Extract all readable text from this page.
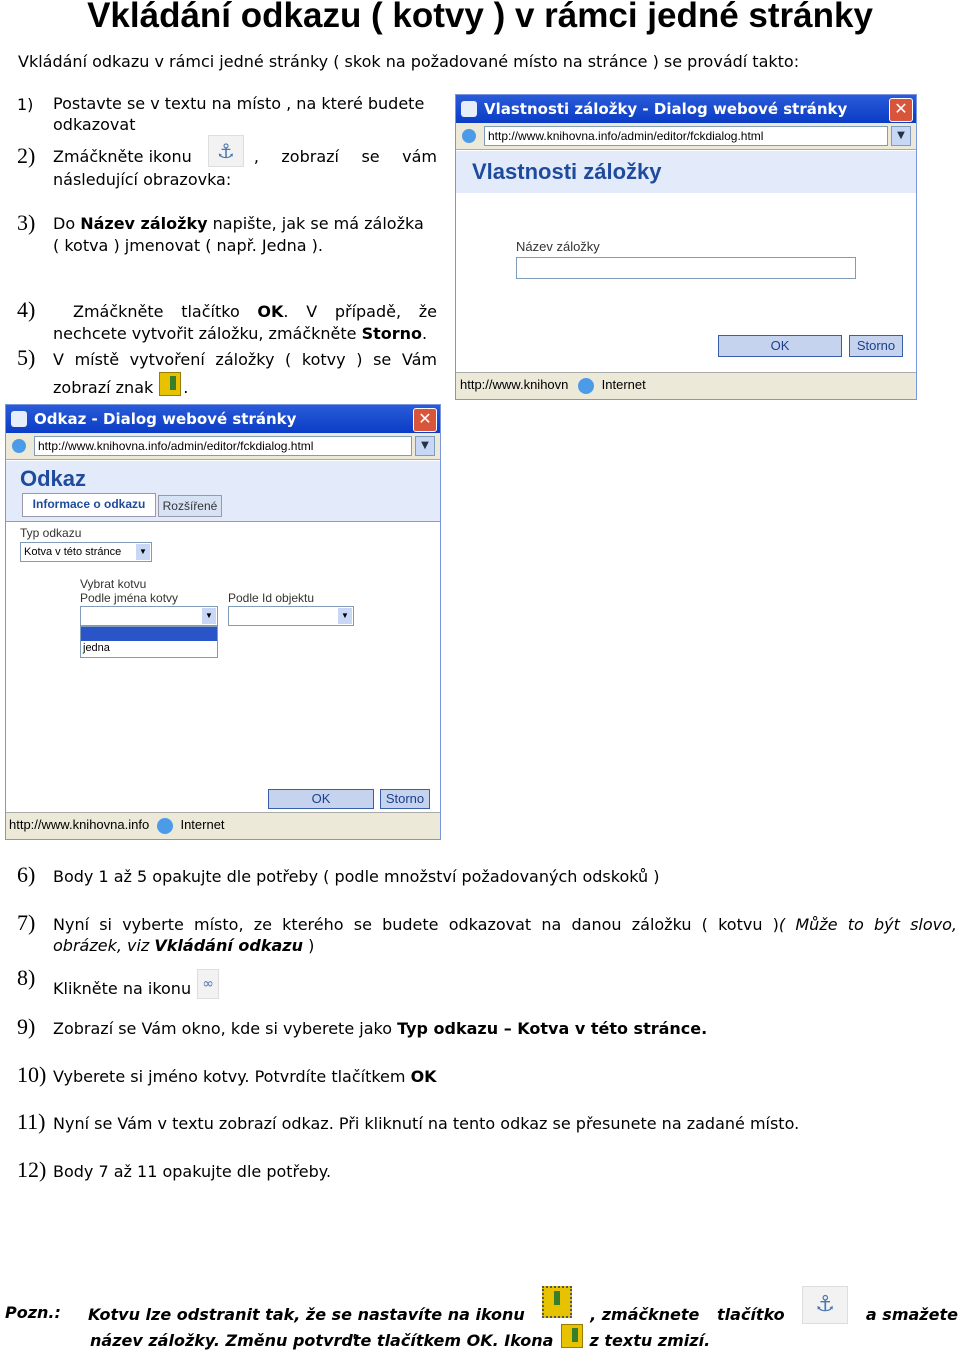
Vkládání odkazu ( kotvy ) v rámci jedné stránky
Vkládání odkazu v rámci jedné stránky ( skok na požadované místo na stránce ) se provádí takto:
1) Postavte se v textu na místo , na které budete odkazovat
2) Zmáčkněte ikonu	⚓	, zobrazí se vám
následující obrazovka:
3) Do Název záložky napište, jak se má záložka
( kotva ) jmenovat ( např. Jedna ).
4)	Zmáčkněte tlačítko OK. V případě, že
nechcete vytvořit záložku, zmáčkněte Storno.
5) V místě vytvoření záložky ( kotvy ) se Vám
zobrazí znak .
Vlastnosti záložky - Dialog webové stránky	✕
http://www.knihovna.info/admin/editor/fckdialog.html	▼
Vlastnosti záložky
Název záložky
OK	Storno
http://www.knihovn	Internet
Odkaz - Dialog webové stránky	✕
http://www.knihovna.info/admin/editor/fckdialog.html	▼
Odkaz
Informace o odkazu	Rozšířené
Typ odkazu
Kotva v této stránce	▼
Vybrat kotvu
Podle jména kotvy
▼
jedna
Podle Id objektu
▼
OK	Storno
http://www.knihovna.info Internet
6) Body 1 až 5 opakujte dle potřeby ( podle množství požadovaných odskoků )
7) Nyní si vyberte místo, ze kterého se budete odkazovat na danou záložku ( kotvu )( Může to být slovo,
obrázek, viz Vkládání odkazu )
8) Klikněte na ikonu ∞
9) Zobrazí se Vám okno, kde si vyberete jako Typ odkazu – Kotva v této stránce.
10) Vyberete si jméno kotvy. Potvrdíte tlačítkem OK
11) Nyní se Vám v textu zobrazí odkaz. Při kliknutí na tento odkaz se přesunete na zadané místo.
12) Body 7 až 11 opakujte dle potřeby.
Pozn.: Kotvu lze odstranit tak, že se nastavíte na ikonu	, zmáčknete tlačítko	⚓	a smažete
název záložky. Změnu potvrďte tlačítkem OK. Ikona z textu zmizí.
